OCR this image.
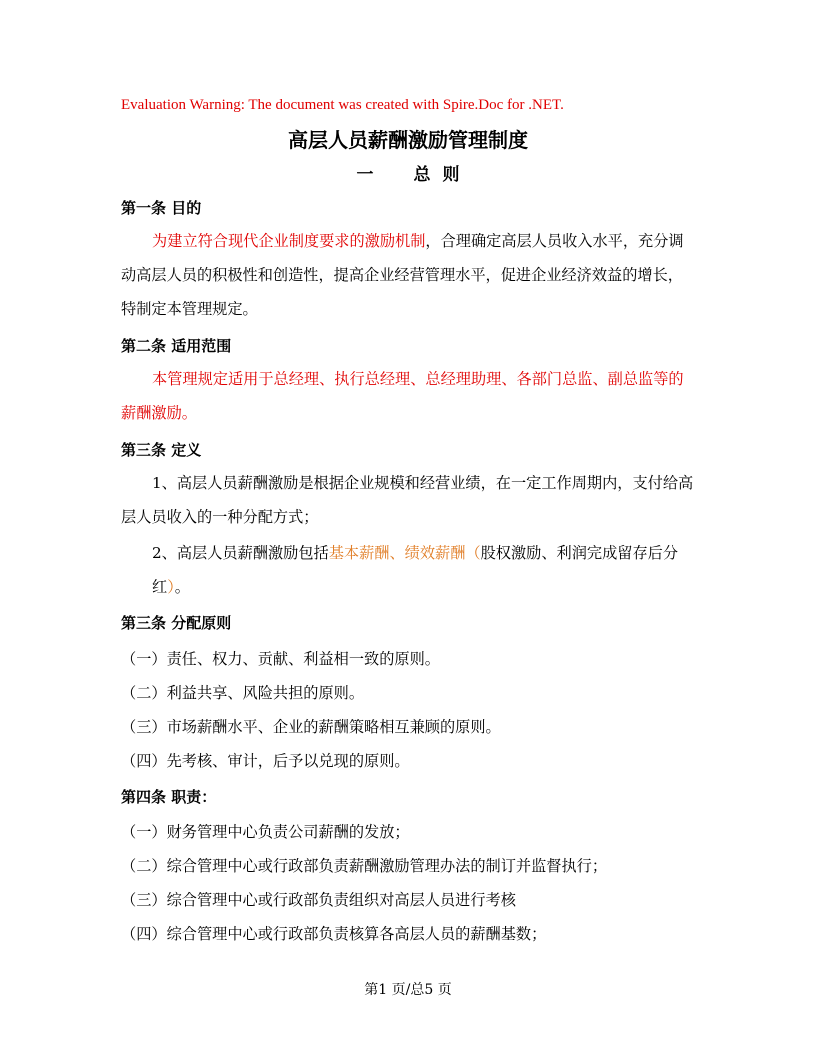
Evaluation Warning: The document was created with Spire.Doc for .NET.
高层人员薪酬激励管理制度
一 总 则
第一条 目的
为建立符合现代企业制度要求的激励机制，合理确定高层人员收入水平，充分调动高层人员的积极性和创造性，提高企业经营管理水平，促进企业经济效益的增长，特制定本管理规定。
第二条 适用范围
本管理规定适用于总经理、执行总经理、总经理助理、各部门总监、副总监等的薪酬激励。
第三条 定义
1、高层人员薪酬激励是根据企业规模和经营业绩，在一定工作周期内，支付给高层人员收入的一种分配方式；
2、高层人员薪酬激励包括基本薪酬、绩效薪酬（股权激励、利润完成留存后分红）。
第三条 分配原则
（一）责任、权力、贡献、利益相一致的原则。
（二）利益共享、风险共担的原则。
（三）市场薪酬水平、企业的薪酬策略相互兼顾的原则。
（四）先考核、审计，后予以兑现的原则。
第四条 职责：
（一）财务管理中心负责公司薪酬的发放；
（二）综合管理中心或行政部负责薪酬激励管理办法的制订并监督执行；
（三）综合管理中心或行政部负责组织对高层人员进行考核
（四）综合管理中心或行政部负责核算各高层人员的薪酬基数；
第1 页/总5 页
